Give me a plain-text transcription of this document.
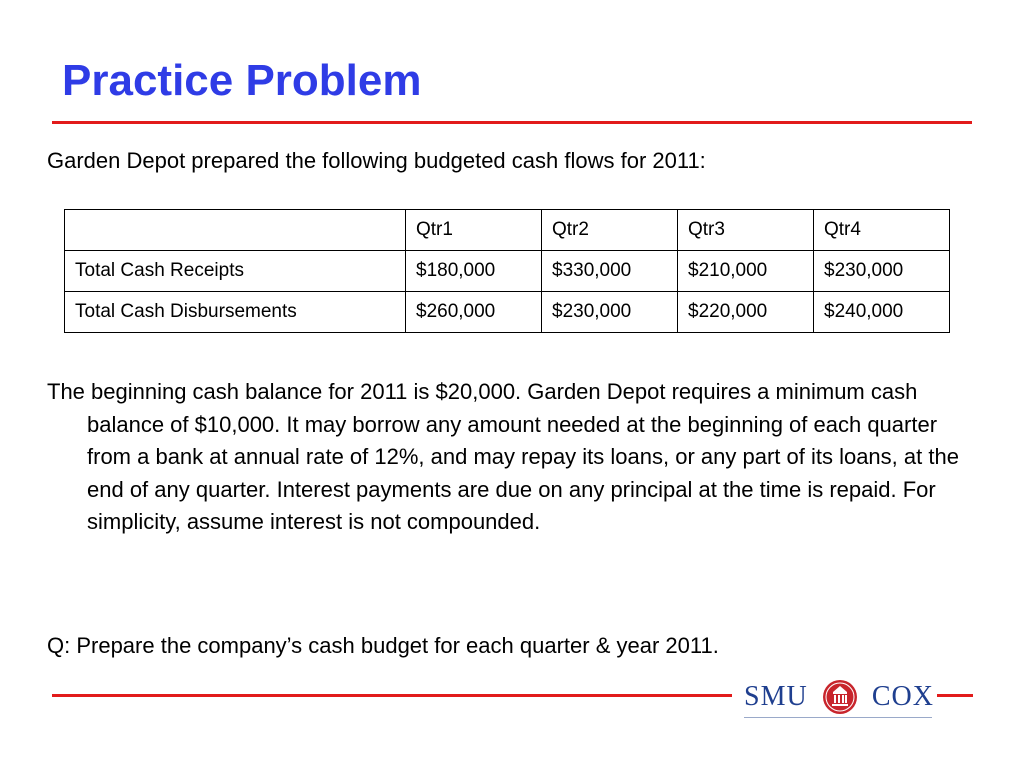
Practice Problem
Garden Depot prepared the following budgeted cash flows for 2011:
	Qtr1	Qtr2	Qtr3	Qtr4
Total Cash Receipts	$180,000	$330,000	$210,000	$230,000
Total Cash Disbursements	$260,000	$230,000	$220,000	$240,000

The beginning cash balance for 2011 is $20,000. Garden Depot requires a minimum cash balance of $10,000. It may borrow any amount needed at the beginning of each quarter from a bank at annual rate of 12%, and may repay its loans, or any part of its loans, at the end of any quarter. Interest payments are due on any principal at the time is repaid. For simplicity, assume interest is not compounded.

Q: Prepare the company’s cash budget for each quarter & year 2011.
SMU COX
